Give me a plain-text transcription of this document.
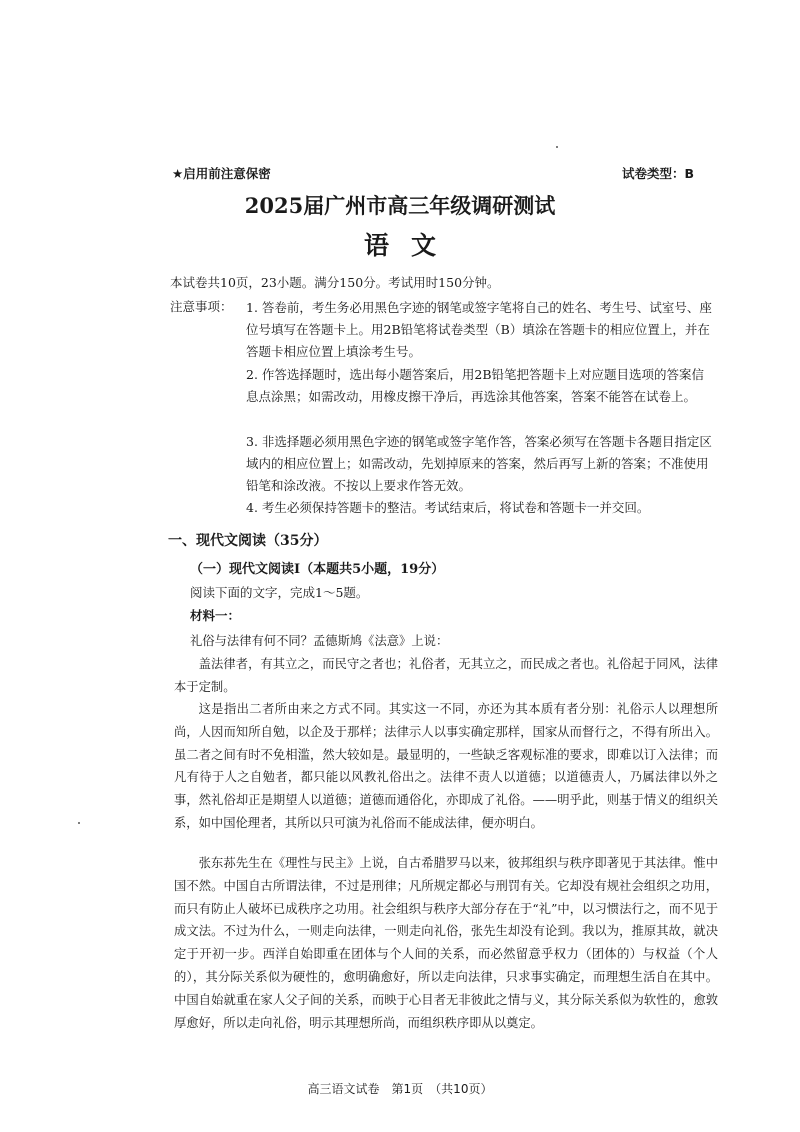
★启用前注意保密	试卷类型：B
2025届广州市高三年级调研测试
语文
本试卷共10页，23小题。满分150分。考试用时150分钟。
注意事项： 1. 答卷前，考生务必用黑色字迹的钢笔或签字笔将自己的姓名、考生号、试室号、座位号填写在答题卡上。用2B铅笔将试卷类型（B）填涂在答题卡的相应位置上，并在答题卡相应位置上填涂考生号。
2. 作答选择题时，选出每小题答案后，用2B铅笔把答题卡上对应题目选项的答案信息点涂黑；如需改动，用橡皮擦干净后，再选涂其他答案，答案不能答在试卷上。
3. 非选择题必须用黑色字迹的钢笔或签字笔作答，答案必须写在答题卡各题目指定区域内的相应位置上；如需改动，先划掉原来的答案，然后再写上新的答案；不准使用铅笔和涂改液。不按以上要求作答无效。
4. 考生必须保持答题卡的整洁。考试结束后，将试卷和答题卡一并交回。
一、现代文阅读（35分）
（一）现代文阅读Ⅰ（本题共5小题，19分）
阅读下面的文字，完成1～5题。
材料一：
礼俗与法律有何不同？孟德斯鸠《法意》上说：
盖法律者，有其立之，而民守之者也；礼俗者，无其立之，而民成之者也。礼俗起于同风，法律本于定制。
这是指出二者所由来之方式不同。其实这一不同，亦还为其本质有者分别：礼俗示人以理想所尚，人因而知所自勉，以企及于那样；法律示人以事实确定那样，国家从而督行之，不得有所出入。虽二者之间有时不免相滥，然大较如是。最显明的，一些缺乏客观标准的要求，即难以订入法律；而凡有待于人之自勉者，都只能以风教礼俗出之。法律不责人以道德；以道德责人，乃属法律以外之事，然礼俗却正是期望人以道德；道德而通俗化，亦即成了礼俗。——明乎此，则基于情义的组织关系，如中国伦理者，其所以只可演为礼俗而不能成法律，便亦明白。
张东荪先生在《理性与民主》上说，自古希腊罗马以来，彼邦组织与秩序即著见于其法律。惟中国不然。中国自古所谓法律，不过是刑律；凡所规定都必与刑罚有关。它却没有规社会组织之功用，而只有防止人破坏已成秩序之功用。社会组织与秩序大部分存在于“礼”中，以习惯法行之，而不见于成文法。不过为什么，一则走向法律，一则走向礼俗，张先生却没有论到。我以为，推原其故，就决定于开初一步。西洋自始即重在团体与个人间的关系，而必然留意乎权力（团体的）与权益（个人的），其分际关系似为硬性的，愈明确愈好，所以走向法律，只求事实确定，而理想生活自在其中。中国自始就重在家人父子间的关系，而映于心目者无非彼此之情与义，其分际关系似为软性的，愈敦厚愈好，所以走向礼俗，明示其理想所尚，而组织秩序即从以奠定。
高三语文试卷　第1页　（共10页）
